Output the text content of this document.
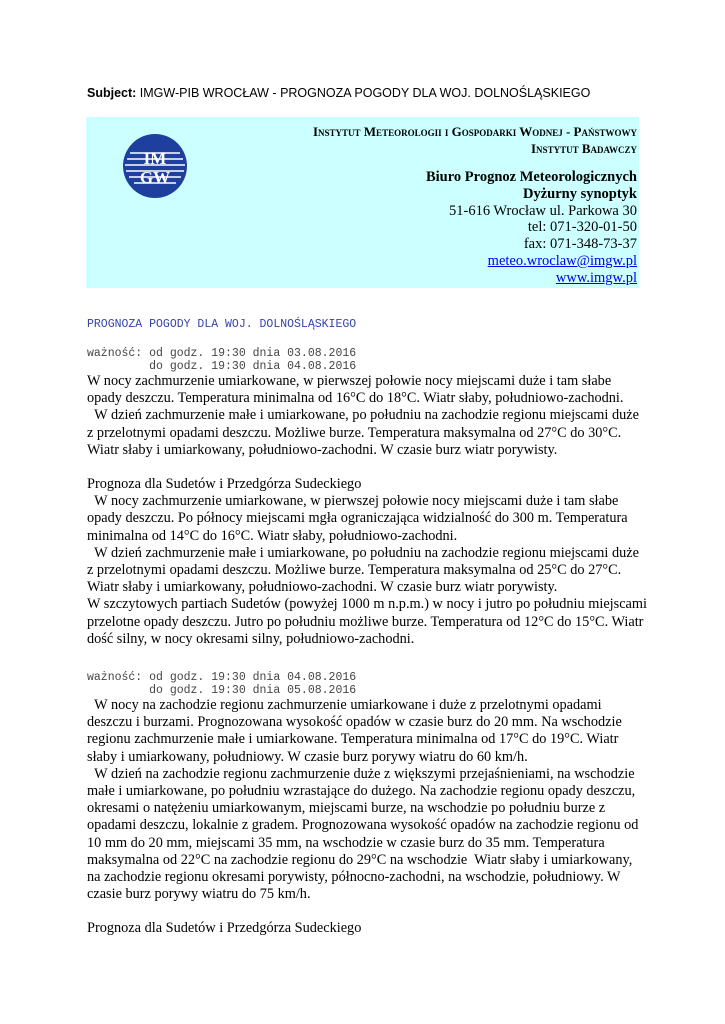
Subject: IMGW-PIB WROCŁAW - PROGNOZA POGODY DLA WOJ. DOLNOŚLĄSKIEGO
IM
GW
Instytut Meteorologii i Gospodarki Wodnej - Państwowy
Instytut Badawczy
Biuro Prognoz Meteorologicznych
Dyżurny synoptyk
51-616 Wrocław ul. Parkowa 30
tel: 071-320-01-50
fax: 071-348-73-37
meteo.wroclaw@imgw.pl
www.imgw.pl
PROGNOZA POGODY DLA WOJ. DOLNOŚLĄSKIEGO
ważność: od godz. 19:30 dnia 03.08.2016
do godz. 19:30 dnia 04.08.2016

W nocy zachmurzenie umiarkowane, w pierwszej połowie nocy miejscami duże i tam słabe opady deszczu. Temperatura minimalna od 16°C do 18°C. Wiatr słaby, południowo-zachodni.

W dzień zachmurzenie małe i umiarkowane, po południu na zachodzie regionu miejscami duże z przelotnymi opadami deszczu. Możliwe burze. Temperatura maksymalna od 27°C do 30°C. Wiatr słaby i umiarkowany, południowo-zachodni. W czasie burz wiatr porywisty.

Prognoza dla Sudetów i Przedgórza Sudeckiego

W nocy zachmurzenie umiarkowane, w pierwszej połowie nocy miejscami duże i tam słabe opady deszczu. Po północy miejscami mgła ograniczająca widzialność do 300 m. Temperatura minimalna od 14°C do 16°C. Wiatr słaby, południowo-zachodni.

W dzień zachmurzenie małe i umiarkowane, po południu na zachodzie regionu miejscami duże z przelotnymi opadami deszczu. Możliwe burze. Temperatura maksymalna od 25°C do 27°C. Wiatr słaby i umiarkowany, południowo-zachodni. W czasie burz wiatr porywisty.

W szczytowych partiach Sudetów (powyżej 1000 m n.p.m.) w nocy i jutro po południu miejscami przelotne opady deszczu. Jutro po południu możliwe burze. Temperatura od 12°C do 15°C. Wiatr dość silny, w nocy okresami silny, południowo-zachodni.

ważność: od godz. 19:30 dnia 04.08.2016
do godz. 19:30 dnia 05.08.2016

W nocy na zachodzie regionu zachmurzenie umiarkowane i duże z przelotnymi opadami deszczu i burzami. Prognozowana wysokość opadów w czasie burz do 20 mm. Na wschodzie regionu zachmurzenie małe i umiarkowane. Temperatura minimalna od 17°C do 19°C. Wiatr słaby i umiarkowany, południowy. W czasie burz porywy wiatru do 60 km/h.

W dzień na zachodzie regionu zachmurzenie duże z większymi przejaśnieniami, na wschodzie małe i umiarkowane, po południu wzrastające do dużego. Na zachodzie regionu opady deszczu, okresami o natężeniu umiarkowanym, miejscami burze, na wschodzie po południu burze z opadami deszczu, lokalnie z gradem. Prognozowana wysokość opadów na zachodzie regionu od 10 mm do 20 mm, miejscami 35 mm, na wschodzie w czasie burz do 35 mm. Temperatura maksymalna od 22°C na zachodzie regionu do 29°C na wschodzie  Wiatr słaby i umiarkowany, na zachodzie regionu okresami porywisty, północno-zachodni, na wschodzie, południowy. W czasie burz porywy wiatru do 75 km/h.

Prognoza dla Sudetów i Przedgórza Sudeckiego
